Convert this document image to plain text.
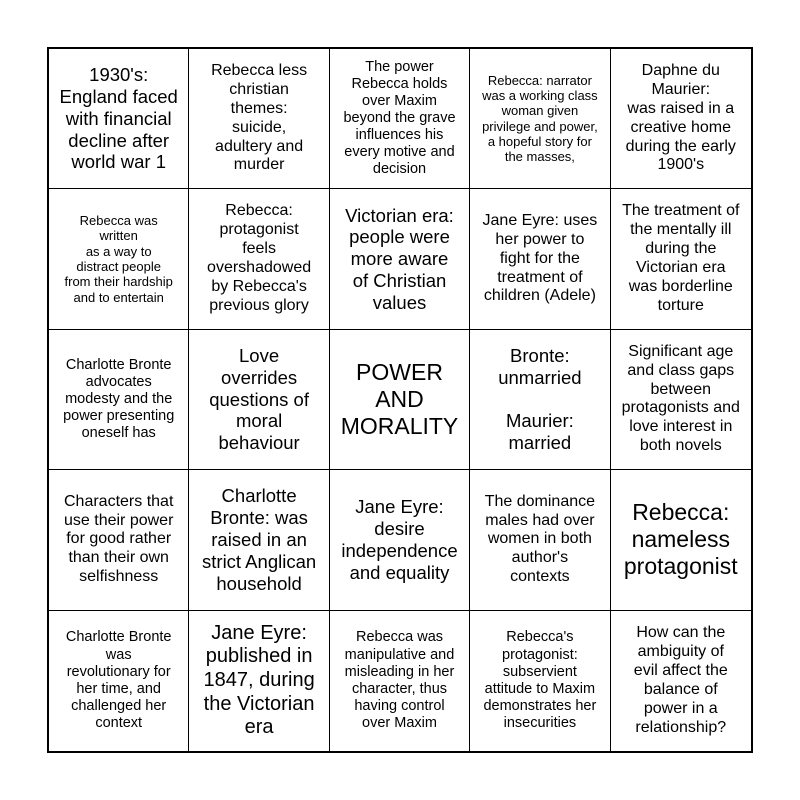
1930's:
England faced
with financial
decline after
world war 1
Rebecca less
christian
themes:
suicide,
adultery and
murder
The power
Rebecca holds
over Maxim
beyond the grave
influences his
every motive and
decision
Rebecca: narrator
was a working class
woman given
privilege and power,
a hopeful story for
the masses,
Daphne du
Maurier:
was raised in a
creative home
during the early
1900's
Rebecca was
written
as a way to
distract people
from their hardship
and to entertain
Rebecca:
protagonist
feels
overshadowed
by Rebecca's
previous glory
Victorian era:
people were
more aware
of Christian
values
Jane Eyre: uses
her power to
fight for the
treatment of
children (Adele)
The treatment of
the mentally ill
during the
Victorian era
was borderline
torture
Charlotte Bronte
advocates
modesty and the
power presenting
oneself has
Love
overrides
questions of
moral
behaviour
POWER
AND
MORALITY
Bronte:
unmarried

Maurier:
married
Significant age
and class gaps
between
protagonists and
love interest in
both novels
Characters that
use their power
for good rather
than their own
selfishness
Charlotte
Bronte: was
raised in an
strict Anglican
household
Jane Eyre:
desire
independence
and equality
The dominance
males had over
women in both
author's
contexts
Rebecca:
nameless
protagonist
Charlotte Bronte
was
revolutionary for
her time, and
challenged her
context
Jane Eyre:
published in
1847, during
the Victorian
era
Rebecca was
manipulative and
misleading in her
character, thus
having control
over Maxim
Rebecca's
protagonist:
subservient
attitude to Maxim
demonstrates her
insecurities
How can the
ambiguity of
evil affect the
balance of
power in a
relationship?
